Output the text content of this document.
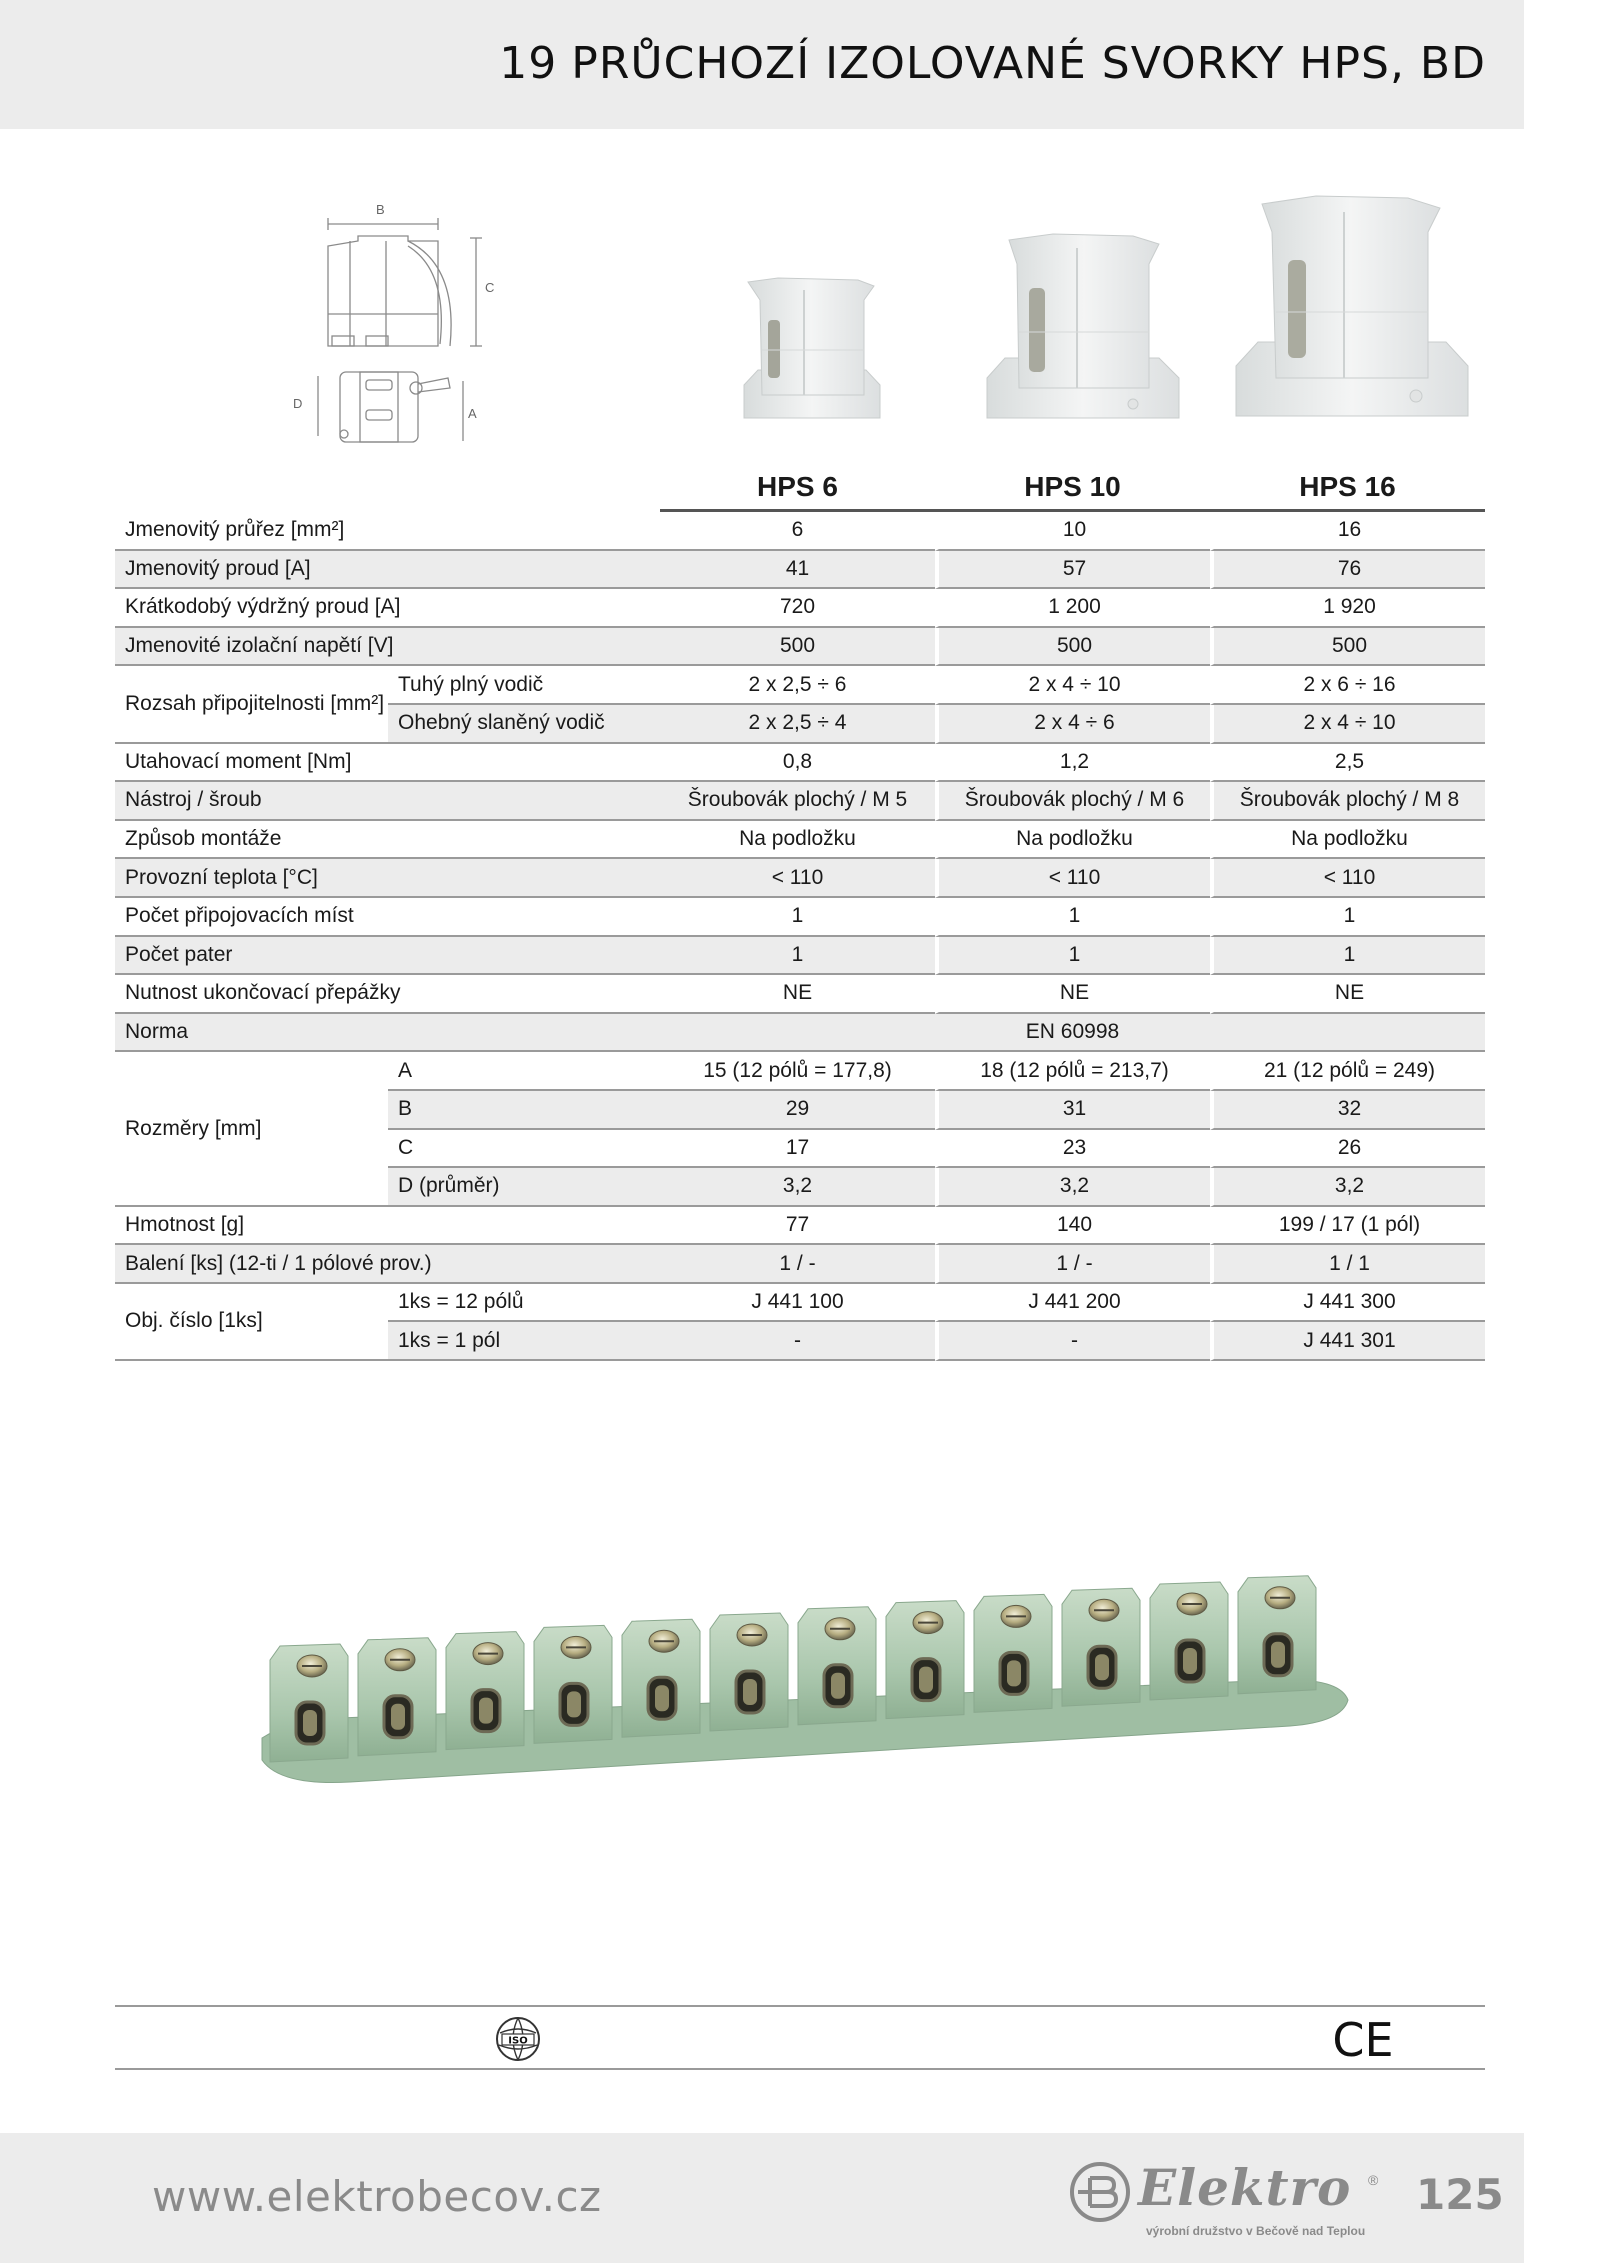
19 PRŮCHOZÍ IZOLOVANÉ SVORKY HPS, BD
B
C
D
A
		HPS 6	HPS 10	HPS 16
Jmenovitý průřez [mm²]		6	10	16
Jmenovitý proud [A]		41	57	76
Krátkodobý výdržný proud [A]		720	1 200	1 920
Jmenovité izolační napětí [V]		500	500	500
Rozsah připojitelnosti [mm²]	Tuhý plný vodič	2 x 2,5 ÷ 6	2 x 4 ÷ 10	2 x 6 ÷ 16
	Ohebný slaněný vodič	2 x 2,5 ÷ 4	2 x 4 ÷ 6	2 x 4 ÷ 10
Utahovací moment [Nm]		0,8	1,2	2,5
Nástroj / šroub		Šroubovák plochý / M 5	Šroubovák plochý / M 6	Šroubovák plochý / M 8
Způsob montáže		Na podložku	Na podložku	Na podložku
Provozní teplota [°C]		< 110	< 110	< 110
Počet připojovacích míst		1	1	1
Počet pater		1	1	1
Nutnost ukončovací přepážky		NE	NE	NE
Norma		EN 60998		
Rozměry [mm]	A	15 (12 pólů = 177,8)	18 (12 pólů = 213,7)	21 (12 pólů = 249)
	B	29	31	32
	C	17	23	26
	D (průměr)	3,2	3,2	3,2
Hmotnost [g]		77	140	199 / 17 (1 pól)
Balení [ks] (12-ti / 1 pólové prov.)		1 / -	1 / -	1 / 1
Obj. číslo [1ks]	1ks = 12 pólů	J 441 100	J 441 200	J 441 300
	1ks = 1 pól	-	-	J 441 301
ISO	CE
www.elektrobecov.cz	Elektro ®
výrobní družstvo v Bečově nad Teplou
125
